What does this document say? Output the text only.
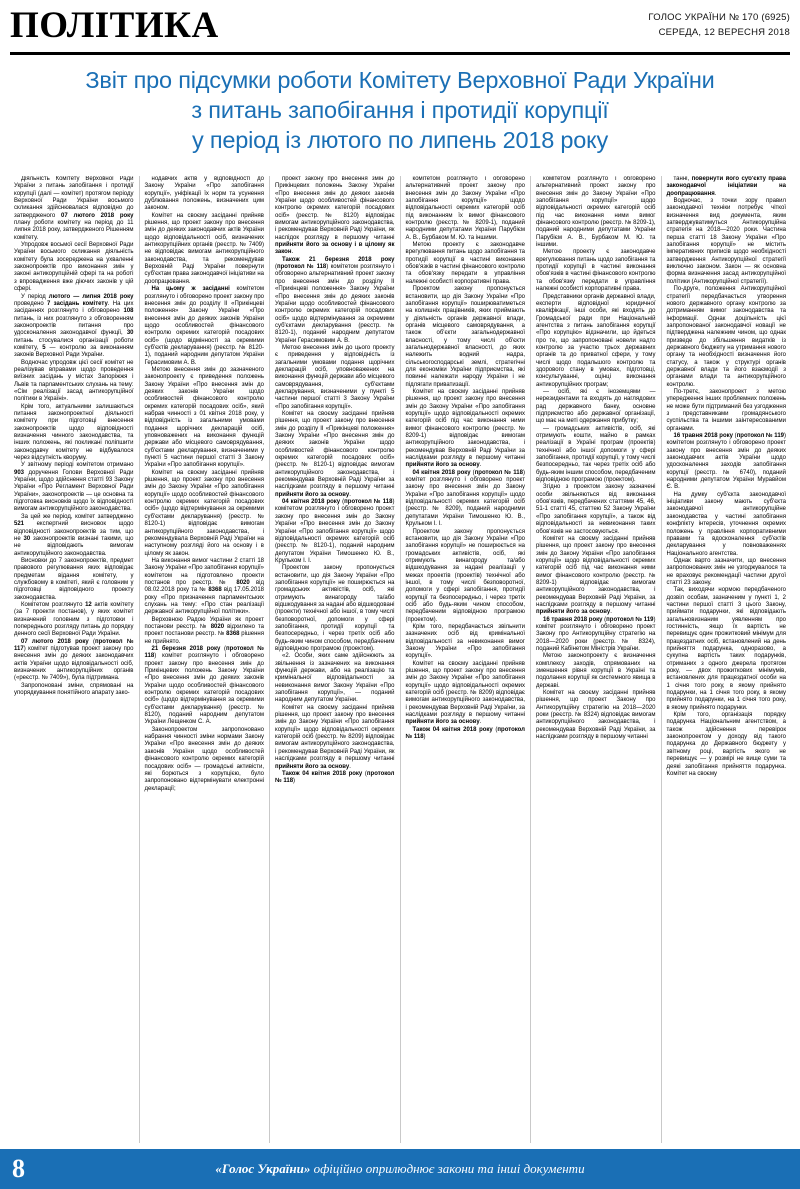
ПОЛІТИКА	ГОЛОС УКРАЇНИ № 170 (6925)
СЕРЕДА, 12 ВЕРЕСНЯ 2018
Звіт про підсумки роботи Комітету Верховної Ради України
з питань запобігання і протидії корупції
у період із лютого по липень 2018 року

Діяльність Комітету Верховної Ради України з питань запобігання і протидії корупції (далі — комітет) протягом періоду Верховної Ради України восьмого скликання здійснювалася відповідно до затвердженого 07 лютого 2018 року плану роботи комітету на період до 11 липня 2018 року, затвердженого Рішенням комітету.

Упродовж восьмої сесії Верховної Ради України восьмого скликання діяльність комітету була зосереджена на ухваленні законопроектів про виконання змін у законі антикорупційній сфері та на роботі з впровадження вже діючих законів у цій сфері.

У період лютого — липня 2018 року проведено 7 засідань комітету. На цих засіданнях розглянуто і обговорено 108 питань, із них розглянуто з обговоренням законопроектів питання про удосконалення законодавчої функції, 30 питань стосувалися організації роботи комітету, 5 — контролю за виконанням законів Верховної Ради України.

Водночас упродовж цієї сесії комітет не реалізував вправами щодо проведення виїзних засідань у містах Запоріжжя і Львів та парламентських слухань на тему: «Сім реалізації засад антикорупційної політики в Україні».

Крім того, актуальними залишаються питання законопроектної діяльності комітету при підготовці внесення законопроектів щодо відповідності визначення чинного законодавства, та інших положень, які покликані поліпшити законодавчу комітету не відбувалося через відсутність кворуму.

У звітному періоді комітетом отримано 903 доручення Голови Верховної Ради України, щодо здійснення статті 93 Закону України «Про Регламент Верховної Ради України», законопроектів — це основна та підготовка висновків щодо їх відповідності вимогам антикорупційного законодавства.

За цей же період, комітет затверджено 521 експертний висновок щодо відповідності законопроектів за тим, що не 30 законопроектів визнані такими, що не відповідають вимогам антикорупційного законодавства.

Висновки до 7 законопроектів, предмет правового регулювання яких відповідає предметам відання комітету, у службовому в комітеті, який є головним у підготовці відповідного проекту законодавства.

Комітетом розглянуто 12 актів комітету (за 7 проекти постанов), у яких комітет визначений головним з підготовки і попереднього розгляду питань до порядку денного сесії Верховної Ради України.

07 лютого 2018 року (протокол № 117) комітет підготував проект закону про внесення змін до деяких законодавчих актів України щодо відповідальності осіб, визначених антикорупційних органів («реєстр. № 7409»), була підтримана.

Запропоновані зміни, спрямовані на упорядкування понятійного апарату зако-

нодавчих актів у відповідності до Закону України «Про запобігання корупції», уніфікації їх норм та усунення дублювання положень, визначених цим законом.

Комітет на своєму засіданні прийняв рішення, що проект закону про внесення змін до деяких законодавчих актів України щодо відповідальності осіб, визначених антикорупційних органів (реєстр. № 7409) не відповідає вимогам антикорупційного законодавства, та рекомендував Верховній Раді України повернути суб'єктам права законодавчої ініціативи на доопрацювання.

На цьому ж засіданні комітетом розглянуто і обговорено проект закону про внесення змін до розділу II «Прикінцеві положення» Закону України «Про внесення змін до деяких законів України щодо особливостей фінансового контролю окремих категорій посадових осіб» (щодо відмінності за окремими суб'єктів декларування) (реєстр. № 8120-1), поданий народним депутатом України Герасимовим А. В.

Метою внесення змін до зазначеного законопроекту є приведення положень Закону України «Про внесення змін до деяких законів України щодо особливостей фінансового контролю окремих категорій посадових осіб», який набрав чинності з 01 квітня 2018 року, у відповідність із загальними умовами подання щорічних декларацій осіб, уповноважених на виконання функцій держави або місцевого самоврядування, суб'єктами декларування, визначеними у пункті 5 частини першої статті 3 Закону України «Про запобігання корупції».

Комітет на своєму засіданні прийняв рішення, що проект закону про внесення змін до Закону України «Про запобігання корупції» щодо особливостей фінансового контролю окремих категорій посадових осіб» (щодо відтермінування за окремими суб'єктами декларування) (реєстр. № 8120-1) відповідає вимогам антикорупційного законодавства, і рекомендувала Верховній Раді України на наступному розгляді його на основу і в цілому як закон.

На виконання вимог частини 2 статті 18 Закону України «Про запобігання корупції» комітетом на підготовлено проекти постанов про реєстр. № 8020 від 08.02.2018 року та № 8368 від 17.05.2018 року «Про призначення парламентських слухань на тему: «Про стан реалізації державної антикорупційної політики».

Верховною Радою України як проект постанови реєстр. № 8020 відхилено та проект постанови реєстр. № 8368 рішення не прийнято.

21 березня 2018 року (протокол № 118) комітет розглянуто і обговорено проект закону про внесення змін до Прикінцевих положень Закону України «Про внесення змін до деяких законів України щодо особливостей фінансового контролю окремих категорій посадових осіб» (щодо відтермінування за окремими суб'єктами декларування) (реєстр. № 8120), поданий народним депутатом України Лещенком С. А.

Законопроектом запропоновано набрання чинності зміни нормами Закону України «Про внесення змін до деяких законів України щодо особливостей фінансового контролю окремих категорій посадових осіб» — громадські активісти, які борються з корупцією, було запропоновано відтермінувати електронні декларації;

проект закону про внесення змін до Прикінцевих положень Закону України «Про внесення змін до деяких законів України щодо особливостей фінансового контролю окремих категорій посадових осіб» (реєстр. № 8120) відповідає вимогам антикорупційного законодавства, і рекомендував Верховній Раді України, як наслідок розгляду в першому читанні прийняти його за основу і в цілому як закон.

Також 21 березня 2018 року (протокол № 118) комітетом розглянуто і обговорено альтернативний проект закону про внесення змін до розділу II «Прикінцеві положення» Закону України «Про внесення змін до деяких законів України щодо особливостей фінансового контролю окремих категорій посадових осіб» щодо відтермінування за окремими суб'єктами декларування (реєстр. № 8120-1), поданий народним депутатом України Герасимовим А. В.

Метою внесення змін до цього проекту є приведення у відповідність із загальними умовами подання щорічних декларацій осіб, уповноважених на виконання функцій держави або місцевого самоврядування, суб'єктами декларування, визначеними у пункті 5 частини першої статті 3 Закону України «Про запобігання корупції».

Комітет на своєму засіданні прийняв рішення, що проект закону про внесення змін до розділу II «Прикінцеві положення» Закону України «Про внесення змін до деяких законів України щодо особливостей фінансового контролю окремих категорій посадових осіб» (реєстр. № 8120-1) відповідає вимогам антикорупційного законодавства, і рекомендував Верховній Раді України за наслідками розгляду в першому читанні прийняти його за основу.

04 квітня 2018 року (протокол № 118) комітетом розглянуто і обговорено проект закону про внесення змін до Закону України «Про внесення змін до Закону України «Про запобігання корупції» щодо відповідальності окремих категорій осіб (реєстр. № 8120-1), поданий народним депутатом України Тимошенко Ю. В., Крульком І. І.

Проектом закону пропонується встановити, що дія Закону України «Про запобігання корупції» не поширюється на громадських активістів, осіб, які отримують винагороду та/або відшкодування за надані або відшкодовані (проекти) технічної або іншої, в тому числі безповоротної, допомоги у сфері запобігання, протидії корупції та безпосередньо, і через третіх осіб або будь-яким чином способом, передбаченим відповідною програмою (проектом).

«2. Особи, яких саме здійснюють за звільнення із зазначених на виконання функцій держави, або на реалізацію та кримінальної відповідальності за невиконання вимог Закону України «Про запобігання корупції», — поданий народним депутатом України.

Комітет на своєму засіданні прийняв рішення, що проект закону про внесення змін до Закону України «Про запобігання корупції» щодо відповідальності окремих категорій осіб (реєстр. № 8209) відповідає вимогам антикорупційного законодавства, і рекомендував Верховній Раді України, як наслідками розгляду в першому читанні прийняти його за основу.

Також 04 квітня 2018 року (протокол № 118)

комітетом розглянуто і обговорено альтернативний проект закону про внесення змін до Закону України «Про запобігання корупції» щодо відповідальності окремих категорій осіб під виконанням їх вимог фінансового контролю (реєстр. № 8209-1), поданий народними депутатами України Парубієм А. В., Бурбаком М. Ю. та іншими.

Метою проекту є законодавче врегулювання питань щодо запобігання та протидії корупції в частині виконання обов'язків в частині фінансового контролю та обов'язку передати в управління належні особисті корпоративні права.

Проектом закону пропонується встановити, що дія Закону України «Про запобігання корупції» поширюватиметься на колишніх працівників, яких приймають у діяльність органів державної влади, органів місцевого самоврядування, а також об'єкти загальнодержавної власності, у тому числі об'єкти загальнодержавної власності, до яких належить водний надра, сільськогосподарські землі, стратегічні для економіки України підприємства, які повинні належати народу України і не підлягати приватизації.

Комітет на своєму засіданні прийняв рішення, що проект закону про внесення змін до Закону України «Про запобігання корупції» щодо відповідальності окремих категорій осіб під час виконання ними вимог фінансового контролю (реєстр. № 8209-1) відповідає вимогам антикорупційного законодавства, і рекомендував Верховній Раді України за наслідками розгляду в першому читанні прийняти його за основу.

04 квітня 2018 року (протокол № 118) комітет розглянуто і обговорено проект закону про внесення змін до Закону України «Про запобігання корупції» щодо відповідальності окремих категорій осіб (реєстр. № 8209), поданий народними депутатами України Тимошенко Ю. В., Крульком І. І.

Проектом закону пропонується встановити, що дія Закону України «Про запобігання корупції» не поширюється на громадських активістів, осіб, які отримують винагороду та/або відшкодування за надані реалізації у межах проектів (проектів) технічної або іншої, в тому числі безповоротної, допомоги у сфері запобігання, протидії корупції та безпосередньо, і через третіх осіб або будь-яким чином способом, передбаченим відповідною програмою (проектом).

Крім того, передбачається звільнити зазначених осіб від кримінальної відповідальності за невиконання вимог Закону України «Про запобігання корупції».

Комітет на своєму засіданні прийняв рішення, що проект закону про внесення змін до Закону України «Про запобігання корупції» щодо відповідальності окремих категорій осіб (реєстр. № 8209) відповідає вимогам антикорупційного законодавства, і рекомендував Верховній Раді України, за наслідками розгляду в першому читанні прийняти його за основу.

Також 04 квітня 2018 року (протокол № 118)

комітетом розглянуто і обговорено альтернативний проект закону про внесення змін до Закону України «Про запобігання корупції» щодо відповідальності окремих категорій осіб під час виконання ними вимог фінансового контролю (реєстр. № 8209-1), поданий народними депутатами України Парубієм А. В., Бурбаком М. Ю. та іншими.

Метою проекту є законодавче врегулювання питань щодо запобігання та протидії корупції в частині виконання обов'язків в частині фінансового контролю та обов'язку передати в управління належні особисті корпоративні права.

Представники органів державної влади, експерти відповідної юридичної кваліфікації, інші особи, які входять до Громадської ради при Національній агентства з питань запобігання корупції «Про корупцію» відзначили, що йдеться про те, що запропоновані новели надто контролю за участю трьох державних органів та до приватної сфери, у тому числі щодо подальшого контролю та здорового стану в умовах, підготовці, консультуванні, оцінці виконання антикорупційних програм;

— осіб, які є іноземцями — нерезидентами та входять до наглядових рад державного банку, основне підприємство або державної організації, що має на меті одержання прибутку;

— громадських активістів, осіб, які отримують кошти, майно в рамках реалізації в Україні програм (проектів) технічної або іншої допомоги у сфері запобігання, протидії корупції, у тому числі безпосередньо, так через третіх осіб або будь-яким іншим способом, передбаченим відповідною програмою (проектом).

Згідно з проектом закону зазначені особи звільняються від виконання обов'язків, передбачених статтями 45, 46, 51-1 статті 45, статтею 52 Закону України «Про запобігання корупції», а також від відповідальності за невиконання таких обов'язків не застосовуються.

Комітет на своєму засіданні прийняв рішення, що проект закону про внесення змін до Закону України «Про запобігання корупції» щодо відповідальності окремих категорій осіб під час виконання ними вимог фінансового контролю (реєстр. № 8209-1) відповідає вимогам антикорупційного законодавства, і рекомендував Верховній Раді України, за наслідками розгляду в першому читанні прийняти його за основу.

16 травня 2018 року (протокол № 119) комітет розглянуто і обговорено проект Закону про Антикорупційну стратегію на 2018—2020 роки (реєстр. № 8324), поданий Кабінетом Міністрів України.

Метою законопроекту є визначення комплексу заходів, спрямованих на зменшення рівня корупції в Україні та подолання корупції як системного явища в державі.

Комітет на своєму засіданні прийняв рішення, що проект Закону про Антикорупційну стратегію на 2018—2020 роки (реєстр. № 8324) відповідає вимогам антикорупційного законодавства, і рекомендував Верховній Раді України, за наслідками розгляду в першому читанні

танні, повернути його суб'єкту права законодавчої ініціативи на доопрацювання.

Водночас, з точки зору правил законодавчої техніки потребує чіткої визначення вид документа, яким затверджуватимуться Антикорупційна стратегія на 2018—2020 роки. Частина перша статті 18 Закону України «Про запобігання корупції» не містить імперативних приписів щодо необхідності затвердження Антикорупційної стратегії виключно законом. Закон — як основна форма визначення засад антикорупційної політики (Антикорупційної стратегії).

По-друге, положення Антикорупційної стратегії передбачається утворення нового державного органу контролю за дотриманням вимог законодавства та інформації. Однак доцільність цієї запропонованої законодавчої новації не підтверджена належним чином, що однак призведе до збільшення видатків із державного бюджету на утримання нового органу та необхідності визначення його статусу, а також у структурі органів державної влади та його взаємодії з органами влади та антикорупційного контролю.

По-третє, законопроект з метою упередження інших проблемних положень не може бути підтриманий без узгодження з представниками громадянського суспільства та іншими заінтересованими органами.

16 травня 2018 року (протокол № 119) комітетом розглянуто і обговорено проект закону про внесення змін до деяких законодавчих актів України щодо удосконалення заходів запобігання корупції (реєстр. № 6740), поданий народними депутатом України Муравйом Є. В.

На думку суб'єкта законодавчої ініціативи закону мають суб'єкта законодавчої антикорупційне законодавства у частині запобігання конфлікту інтересів, уточнення окремих положень у правління корпоративними правами та вдосконалення суб'єктів декларування у повноваженнях Національного агентства.

Однак варто зазначити, що внесення запропонованих змін не узгоджувалося та не враховує рекомендації частини другої статті 23 закону.

Так, виходячи нормою передбаченого дозвіл особам, зазначеним у пункті 1, 2 частини першої статті 3 цього Закону, приймати подарунки, які відповідають загальновизнаним уявленням про гостинність, якщо їх вартість не перевищує один прожитковий мінімум для працездатних осіб, встановлений на день прийняття подарунка, одноразово, а сукупна вартість таких подарунків, отриманих з одного джерела протягом року, — двох прожиткових мінімумів, встановлених для працездатної особи на 1 січня того року, в якому прийнято подарунки, на 1 січня того року, в якому прийнято подарунки, на 1 січня того року, в якому прийнято подарунки.

Крім того, організація порядку подарунка Національним агентством, а також здійснення перевірок законопроектом у доходу від такого подарунка до Державного бюджету у звітному році, вартість якого не перевищує — у розмірі не вище суми та деякі запобігання прийняття подарунка. Комітет на своєму

8	«Голос України» офіційно оприлюднює закони та інші документи
